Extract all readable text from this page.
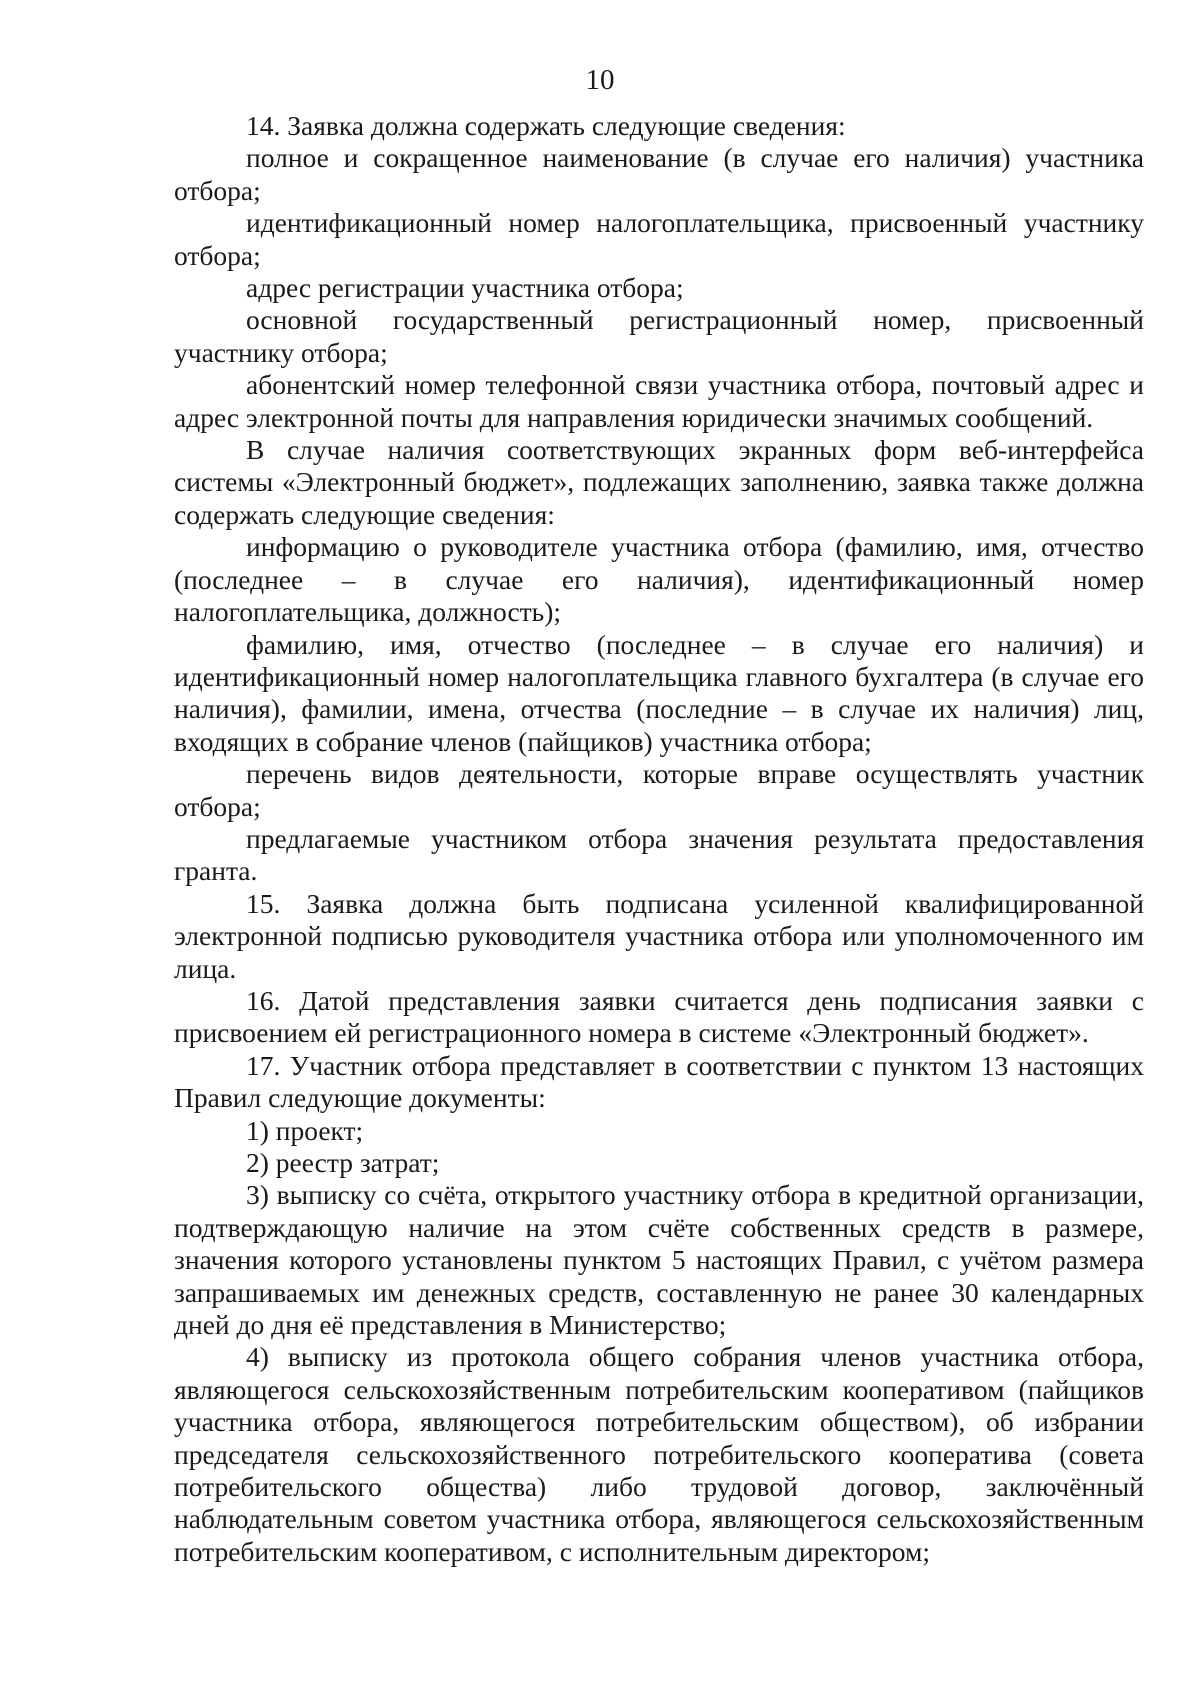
10

14. Заявка должна содержать следующие сведения:

полное и сокращенное наименование (в случае его наличия) участника отбора;

идентификационный номер налогоплательщика, присвоенный участнику отбора;

адрес регистрации участника отбора;

основной государственный регистрационный номер, присвоенный участнику отбора;

абонентский номер телефонной связи участника отбора, почтовый адрес и адрес электронной почты для направления юридически значимых сообщений.

В случае наличия соответствующих экранных форм веб-интерфейса системы «Электронный бюджет», подлежащих заполнению, заявка также должна содержать следующие сведения:

информацию о руководителе участника отбора (фамилию, имя, отчество (последнее – в случае его наличия), идентификационный номер налогоплательщика, должность);

фамилию, имя, отчество (последнее – в случае его наличия) и идентификационный номер налогоплательщика главного бухгалтера (в случае его наличия), фамилии, имена, отчества (последние – в случае их наличия) лиц, входящих в собрание членов (пайщиков) участника отбора;

перечень видов деятельности, которые вправе осуществлять участник отбора;

предлагаемые участником отбора значения результата предоставления гранта.

15. Заявка должна быть подписана усиленной квалифицированной электронной подписью руководителя участника отбора или уполномоченного им лица.

16. Датой представления заявки считается день подписания заявки с присвоением ей регистрационного номера в системе «Электронный бюджет».

17. Участник отбора представляет в соответствии с пунктом 13 настоящих Правил следующие документы:

1) проект;

2) реестр затрат;

3) выписку со счёта, открытого участнику отбора в кредитной организации, подтверждающую наличие на этом счёте собственных средств в размере, значения которого установлены пунктом 5 настоящих Правил, с учётом размера запрашиваемых им денежных средств, составленную не ранее 30 календарных дней до дня её представления в Министерство;

4) выписку из протокола общего собрания членов участника отбора, являющегося сельскохозяйственным потребительским кооперативом (пайщиков участника отбора, являющегося потребительским обществом), об избрании председателя сельскохозяйственного потребительского кооператива (совета потребительского общества) либо трудовой договор, заключённый наблюдательным советом участника отбора, являющегося сельскохозяйственным потребительским кооперативом, с исполнительным директором;
